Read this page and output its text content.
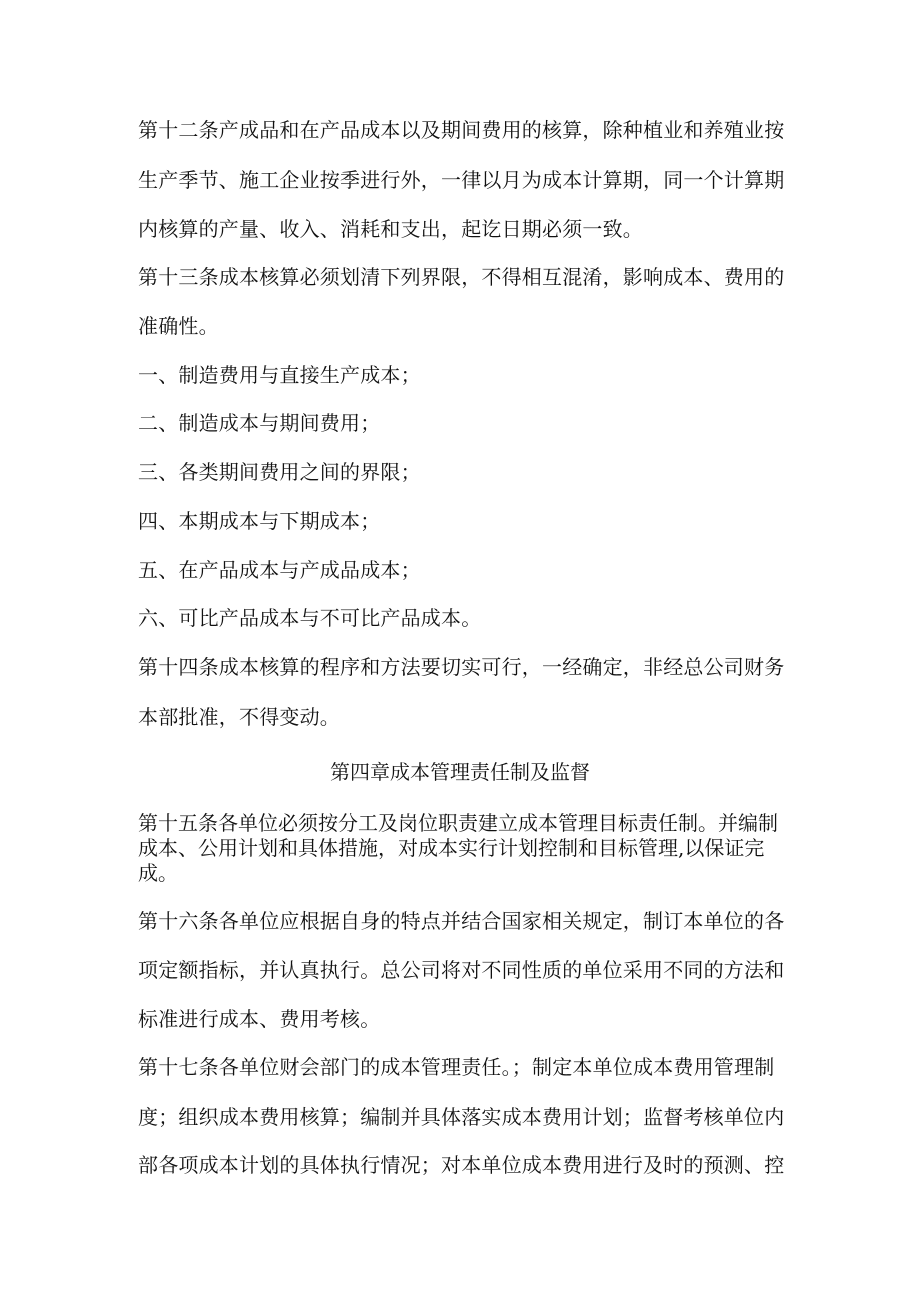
第十二条产成品和在产品成本以及期间费用的核算，除种植业和养殖业按
生产季节、施工企业按季进行外，一律以月为成本计算期，同一个计算期
内核算的产量、收入、消耗和支出，起讫日期必须一致。
第十三条成本核算必须划清下列界限，不得相互混淆，影响成本、费用的
准确性。
一、制造费用与直接生产成本；
二、制造成本与期间费用；
三、各类期间费用之间的界限；
四、本期成本与下期成本；
五、在产品成本与产成品成本；
六、可比产品成本与不可比产品成本。
第十四条成本核算的程序和方法要切实可行，一经确定，非经总公司财务
本部批准，不得变动。
第四章成本管理责任制及监督
第十五条各单位必须按分工及岗位职责建立成本管理目标责任制。并编制
成本、公用计划和具体措施，对成本实行计划控制和目标管理,以保证完
成。
第十六条各单位应根据自身的特点并结合国家相关规定，制订本单位的各
项定额指标，并认真执行。总公司将对不同性质的单位采用不同的方法和
标准进行成本、费用考核。
第十七条各单位财会部门的成本管理责任。；制定本单位成本费用管理制
度；组织成本费用核算；编制并具体落实成本费用计划；监督考核单位内
部各项成本计划的具体执行情况；对本单位成本费用进行及时的预测、控
